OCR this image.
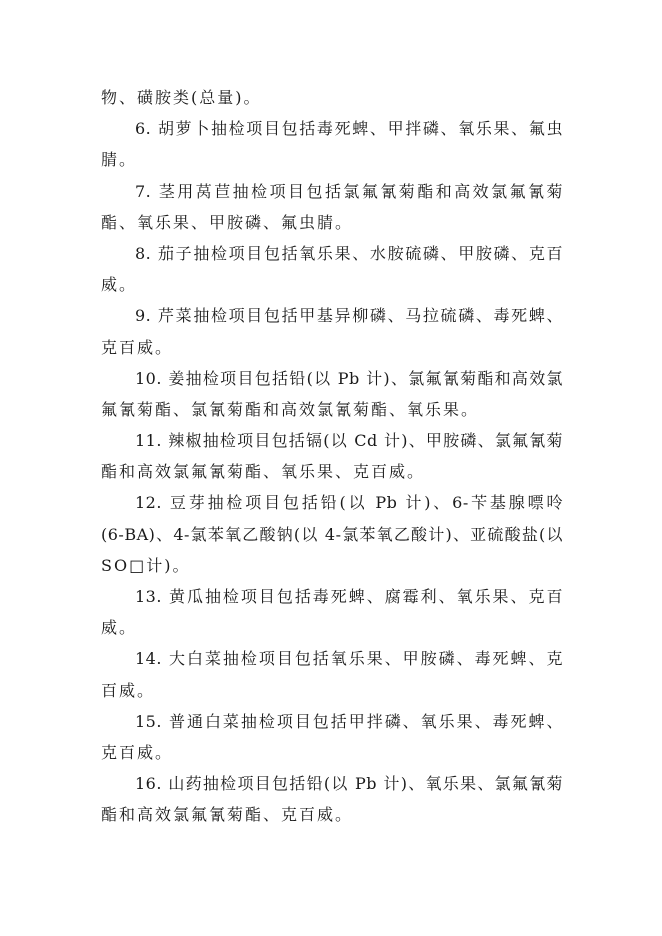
物、磺胺类(总量)。
6. 胡萝卜抽检项目包括毒死蜱、甲拌磷、氧乐果、氟虫
腈。
7. 茎用莴苣抽检项目包括氯氟氰菊酯和高效氯氟氰菊
酯、氧乐果、甲胺磷、氟虫腈。
8. 茄子抽检项目包括氧乐果、水胺硫磷、甲胺磷、克百
威。
9. 芹菜抽检项目包括甲基异柳磷、马拉硫磷、毒死蜱、
克百威。
10. 姜抽检项目包括铅(以 Pb 计)、氯氟氰菊酯和高效氯
氟氰菊酯、氯氰菊酯和高效氯氰菊酯、氧乐果。
11. 辣椒抽检项目包括镉(以 Cd 计)、甲胺磷、氯氟氰菊
酯和高效氯氟氰菊酯、氧乐果、克百威。
12. 豆芽抽检项目包括铅(以 Pb 计)、6-苄基腺嘌呤
(6-BA)、4-氯苯氧乙酸钠(以 4-氯苯氧乙酸计)、亚硫酸盐(以
SO□计)。
13. 黄瓜抽检项目包括毒死蜱、腐霉利、氧乐果、克百
威。
14. 大白菜抽检项目包括氧乐果、甲胺磷、毒死蜱、克
百威。
15. 普通白菜抽检项目包括甲拌磷、氧乐果、毒死蜱、
克百威。
16. 山药抽检项目包括铅(以 Pb 计)、氧乐果、氯氟氰菊
酯和高效氯氟氰菊酯、克百威。
